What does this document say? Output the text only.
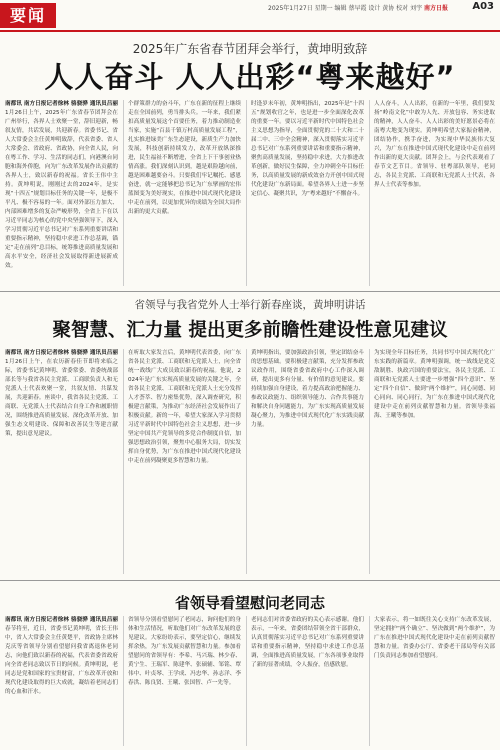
要闻	2025年1月27日 星期一 编辑 蔡早霞 设计 黄协 校对 刘宇 南方日报 A03
2025年广东省春节团拜会举行，黄坤明致辞
人人奋斗 人人出彩“粤来越好”
南都讯 南方日报记者徐林 骆骁骅 通讯员吕丽 1月26日上午，2025年广东省春节团拜会在广州举行，各界人士欢聚一堂，辞旧迎新，畅叙友情，共话发展，共迎新春。省委书记、省人大常委会主任黄坤明致辞，代表省委、省人大常委会、省政府、省政协，向全省人民，向在粤工作、学习、生活的同志们，向港澳台同胞和海外侨胞，向为广东改革发展作出贡献的各界人士，致以新春的祝福。省长王伟中主持。黄坤明说，刚刚过去的2024年，是实现“十四五”规划目标任务的关键一年，是极不平凡、极不容易的一年。面对外部压力加大、内部困难增多的复杂严峻形势，全省上下在以习近平同志为核心的党中央坚强领导下，深入学习贯彻习近平总书记对广东系列重要讲话和重要指示精神，坚持稳中求进工作总基调，锚定“走在前列”总目标，统筹推进高质量发展和高水平安全，经济社会发展取得新进展新成效。
个群策群力的奋斗年，广东在新的征程上继续走在全国前列，勇当排头兵。一年来，我们紧扣高质量发展这个首要任务，着力推动制造业当家，实施“百县千镇万村高质量发展工程”，扎实推进绿美广东生态建设，新质生产力加快发展，科技创新持续发力，改革开放纵深推进，民生福祉不断增进，全省上下干事创业热情高涨。我们深刻认识到，越是艰险越向前，越是困难越要奋斗。只要我们牢记嘱托、感恩奋进，就一定能够把总书记为广东擘画的宏伟蓝图变为美好现实，在推进中国式现代化建设中走在前列，以更加优异的成绩为全国大局作出新的更大贡献。
时逢岁末年初，黄坤明指出，2025年是“十四五”规划收官之年，也是进一步全面深化改革的重要一年。要以习近平新时代中国特色社会主义思想为指导，全面贯彻党的二十大和二十届二中、三中全会精神，深入贯彻落实习近平总书记对广东系列重要讲话和重要指示精神，聚焦高质量发展，坚持稳中求进，大力推进改革创新，做好民生保障，全力冲刺全年目标任务，以高质量发展的新成效奋力开创中国式现代化建设广东新局面。希望各界人士进一步坚定信心、凝聚共识，为“粤来越好”不懈奋斗。
人人奋斗，人人出彩，在新的一年里，我们要发扬“岭南文化”中敢为人先、开放包容、务实进取的精神，人人奋斗、人人出彩的美好愿景必将在南粤大地变为现实。黄坤明希望大家振奋精神，团结协作，携手奋进，为实现中华民族伟大复兴，为广东在推进中国式现代化建设中走在前列作出新的更大贡献。团拜会上，与会代表观看了春节文艺节目。省领导、驻粤部队领导，老同志，各民主党派、工商联和无党派人士代表，各界人士代表等参加。
省领导与我省党外人士举行新春座谈，黄坤明讲话
聚智慧、汇力量 提出更多前瞻性建设性意见建议
南都讯 南方日报记者徐林 骆骁骅 通讯员吕丽 1月26日上午，在农历新春佳节即将来临之际，省委书记黄坤明、省委常委、省委统战部部长等与我省各民主党派、工商联负责人和无党派人士代表欢聚一堂，共叙友情、共谋发展，共迎新春。座谈中，我省各民主党派、工商联、无党派人士代表结合自身工作和履职情况，围绕推进高质量发展、深化改革开放、加强生态文明建设、保障和改善民生等建言献策，提出意见建议。
在听取大家发言后，黄坤明代表省委，向广东省各民主党派、工商联和无党派人士，向全省统一战线广大成员致以新春的祝福。他说，2024年是广东实现高质量发展的关键之年，全省各民主党派、工商联和无党派人士充分发挥人才荟萃、智力密集优势，深入调查研究，积极建言献策，为推动广东经济社会发展作出了积极贡献。新的一年，希望大家深入学习贯彻习近平新时代中国特色社会主义思想，进一步坚定中国共产党领导的多党合作制度自信，加强思想政治引领，聚焦中心服务大局，切实发挥自身优势，为广东在推进中国式现代化建设中走在前列凝聚更多智慧和力量。
黄坤明指出，要加强政治引领，坚定团结奋斗的思想基础。要积极建言献策，充分发挥参政议政作用，围绕省委省政府中心工作深入调研，提出更多有分量、有价值的意见建议。要持续加强自身建设，着力提高政治把握能力、参政议政能力、组织领导能力、合作共事能力和解决自身问题能力，为广东实现高质量发展凝心聚力，为推进中国式现代化广东实践贡献力量。
为实现全年目标任务，共同书写中国式现代化广东实践的新篇章。黄坤明强调，统一战线是党克敌制胜、执政兴国的重要法宝，各民主党派、工商联和无党派人士要进一步增强“四个意识”、坚定“四个自信”、做到“两个维护”，同心同德、同心同向、同心同行，为广东在推进中国式现代化建设中走在前列贡献智慧和力量。省领导张福海、王曦等参加。
省领导看望慰问老同志
南都讯 南方日报记者徐林 骆骁骅 通讯员吕丽 春节将至，近日，省委书记黄坤明，省长王伟中，省人大常委会主任黄楚平，省政协主席林克庆等省领导分别看望慰问我省离退休老同志，向他们致以新春的祝福，代表省委省政府向全省老同志致以节日的问候。黄坤明说，老同志是党和国家的宝贵财富，广东改革开放和现代化建设取得的巨大成就，凝结着老同志们的心血和汗水。
省领导分别看望慰问了老同志，询问他们的身体和生活情况，听取他们对广东改革发展的意见建议。大家纷纷表示，要坚定信心，继续发挥余热，为广东发展贡献智慧和力量。参加看望慰问的省领导有：李希、马兴瑞、林少春、黄宁生、王瑞军、陈建华、张硕辅、邹铭、覃伟中、叶贞琴、王学成、冯忠华、孙志洋、李春洪、陈良贤、王曦、张国智、卢一先等。
老同志们对省委省政府的关心表示感谢。他们表示，一年来，省委团结带领全省干部群众，认真贯彻落实习近平总书记对广东系列重要讲话和重要指示精神，坚持稳中求进工作总基调，全面推进高质量发展，广东各项事业取得了新的显著成绩，令人振奋，倍感欣慰。
大家表示，将一如既往关心支持广东改革发展，坚定拥护“两个确立”、坚决做到“两个维护”，为广东在推进中国式现代化建设中走在前列贡献智慧和力量。省委办公厅、省委老干部局等有关部门负责同志参加看望慰问。
